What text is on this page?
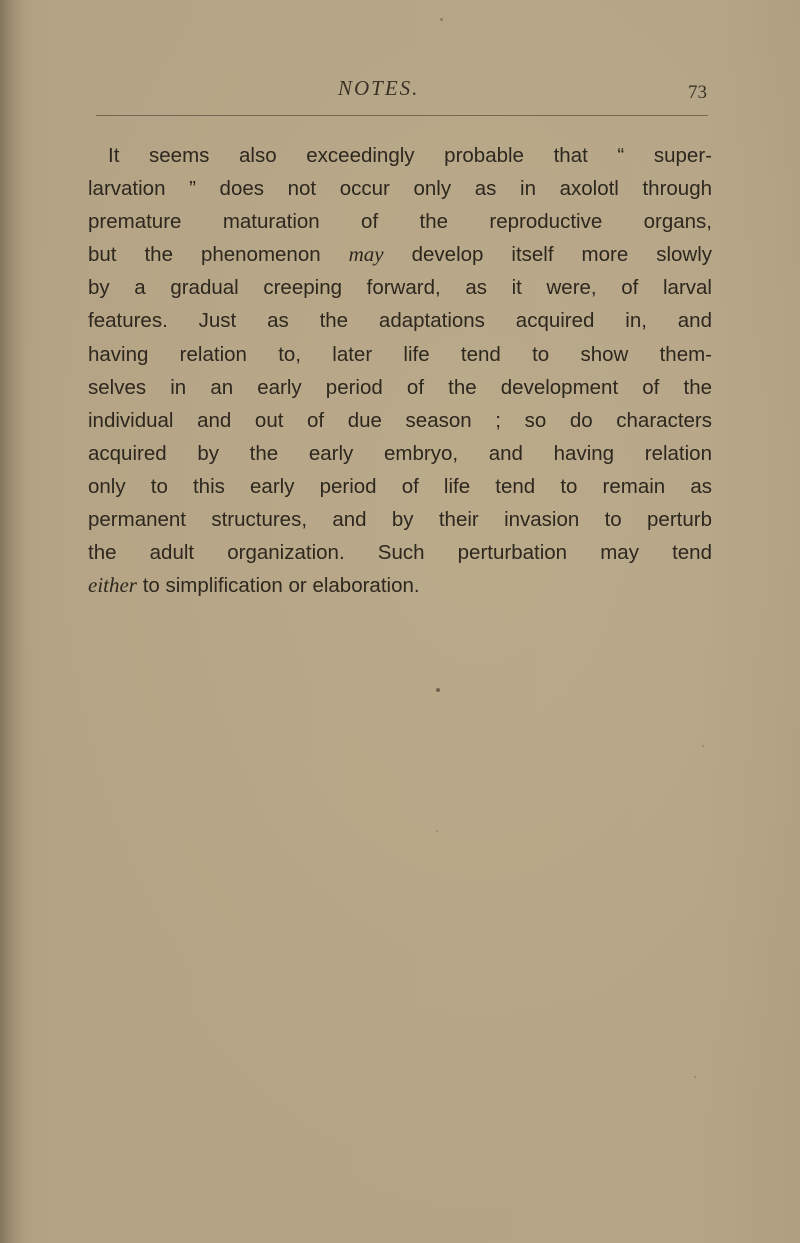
NOTES.	73

It seems also exceedingly probable that “ super-
larvation ” does not occur only as in axolotl through
premature maturation of the reproductive organs,
but the phenomenon may develop itself more slowly
by a gradual creeping forward, as it were, of larval
features. Just as the adaptations acquired in, and
having relation to, later life tend to show them-
selves in an early period of the development of the
individual and out of due season ; so do characters
acquired by the early embryo, and having relation
only to this early period of life tend to remain as
permanent structures, and by their invasion to perturb
the adult organization. Such perturbation may tend
either to simplification or elaboration.
